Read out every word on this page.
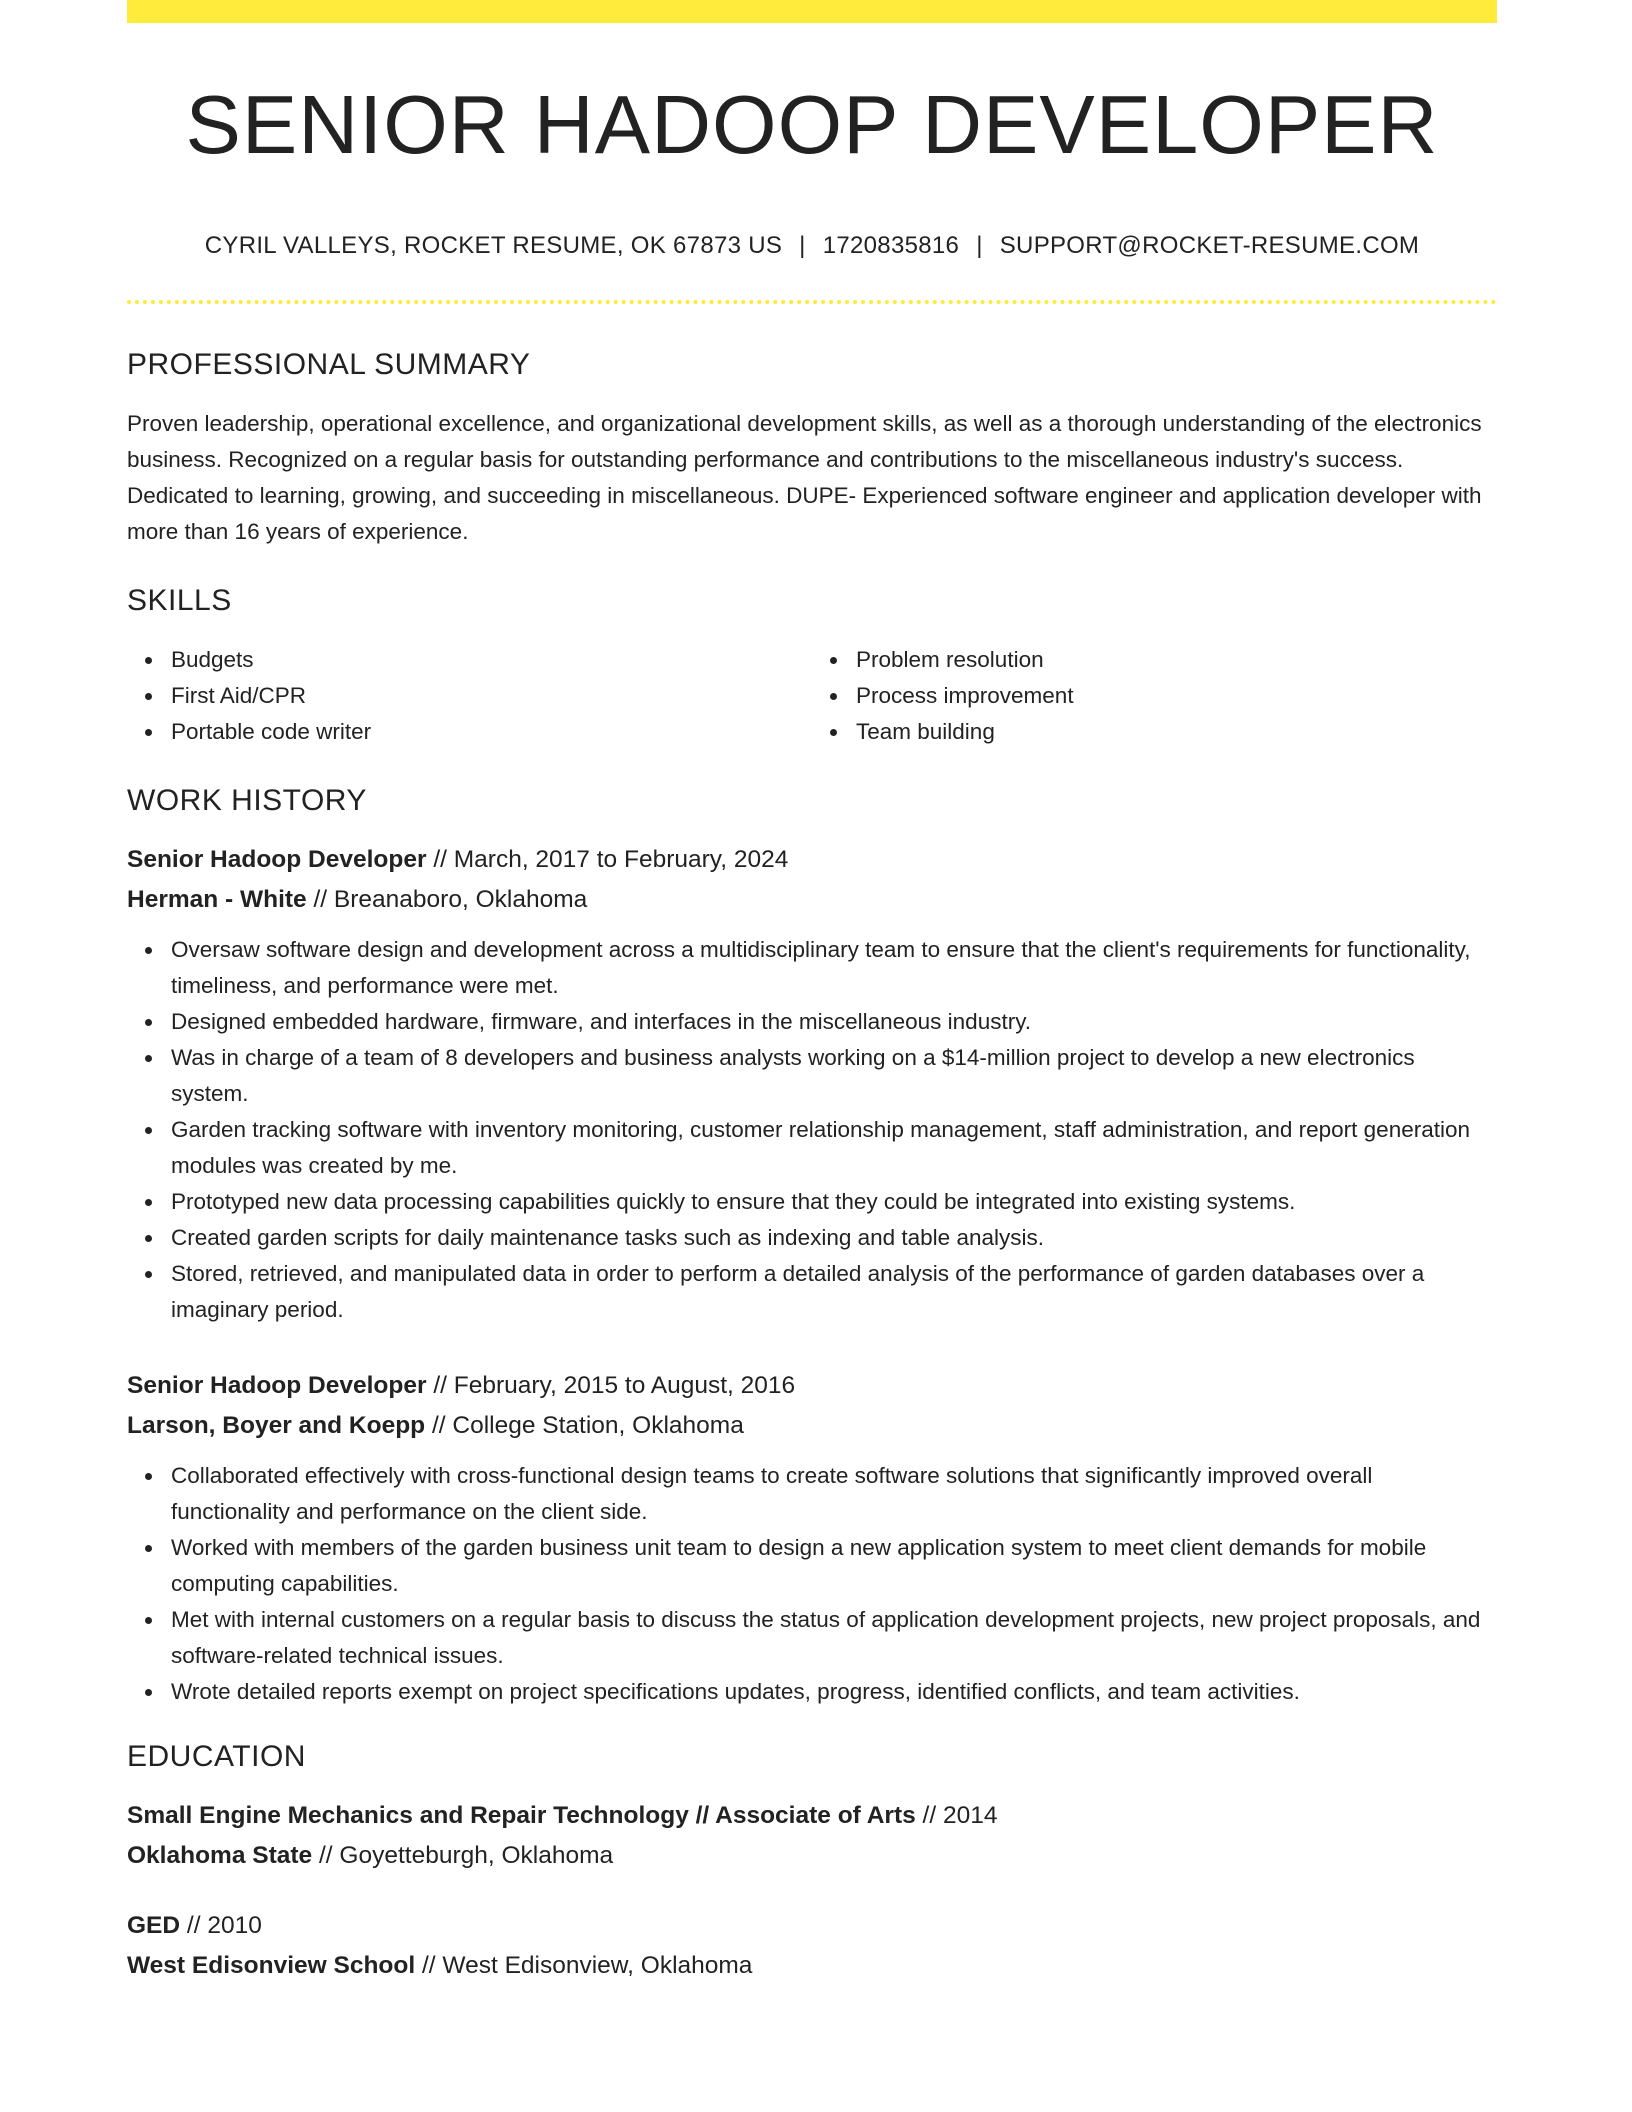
SENIOR HADOOP DEVELOPER
CYRIL VALLEYS, ROCKET RESUME, OK 67873 US | 1720835816 | SUPPORT@ROCKET-RESUME.COM
PROFESSIONAL SUMMARY
Proven leadership, operational excellence, and organizational development skills, as well as a thorough understanding of the electronics business. Recognized on a regular basis for outstanding performance and contributions to the miscellaneous industry's success. Dedicated to learning, growing, and succeeding in miscellaneous. DUPE- Experienced software engineer and application developer with more than 16 years of experience.
SKILLS
Budgets
First Aid/CPR
Portable code writer
Problem resolution
Process improvement
Team building
WORK HISTORY
Senior Hadoop Developer // March, 2017 to February, 2024
Herman - White // Breanaboro, Oklahoma
Oversaw software design and development across a multidisciplinary team to ensure that the client's requirements for functionality, timeliness, and performance were met.
Designed embedded hardware, firmware, and interfaces in the miscellaneous industry.
Was in charge of a team of 8 developers and business analysts working on a $14-million project to develop a new electronics system.
Garden tracking software with inventory monitoring, customer relationship management, staff administration, and report generation modules was created by me.
Prototyped new data processing capabilities quickly to ensure that they could be integrated into existing systems.
Created garden scripts for daily maintenance tasks such as indexing and table analysis.
Stored, retrieved, and manipulated data in order to perform a detailed analysis of the performance of garden databases over a imaginary period.
Senior Hadoop Developer // February, 2015 to August, 2016
Larson, Boyer and Koepp // College Station, Oklahoma
Collaborated effectively with cross-functional design teams to create software solutions that significantly improved overall functionality and performance on the client side.
Worked with members of the garden business unit team to design a new application system to meet client demands for mobile computing capabilities.
Met with internal customers on a regular basis to discuss the status of application development projects, new project proposals, and software-related technical issues.
Wrote detailed reports exempt on project specifications updates, progress, identified conflicts, and team activities.
EDUCATION
Small Engine Mechanics and Repair Technology // Associate of Arts // 2014
Oklahoma State // Goyetteburgh, Oklahoma
GED // 2010
West Edisonview School // West Edisonview, Oklahoma
